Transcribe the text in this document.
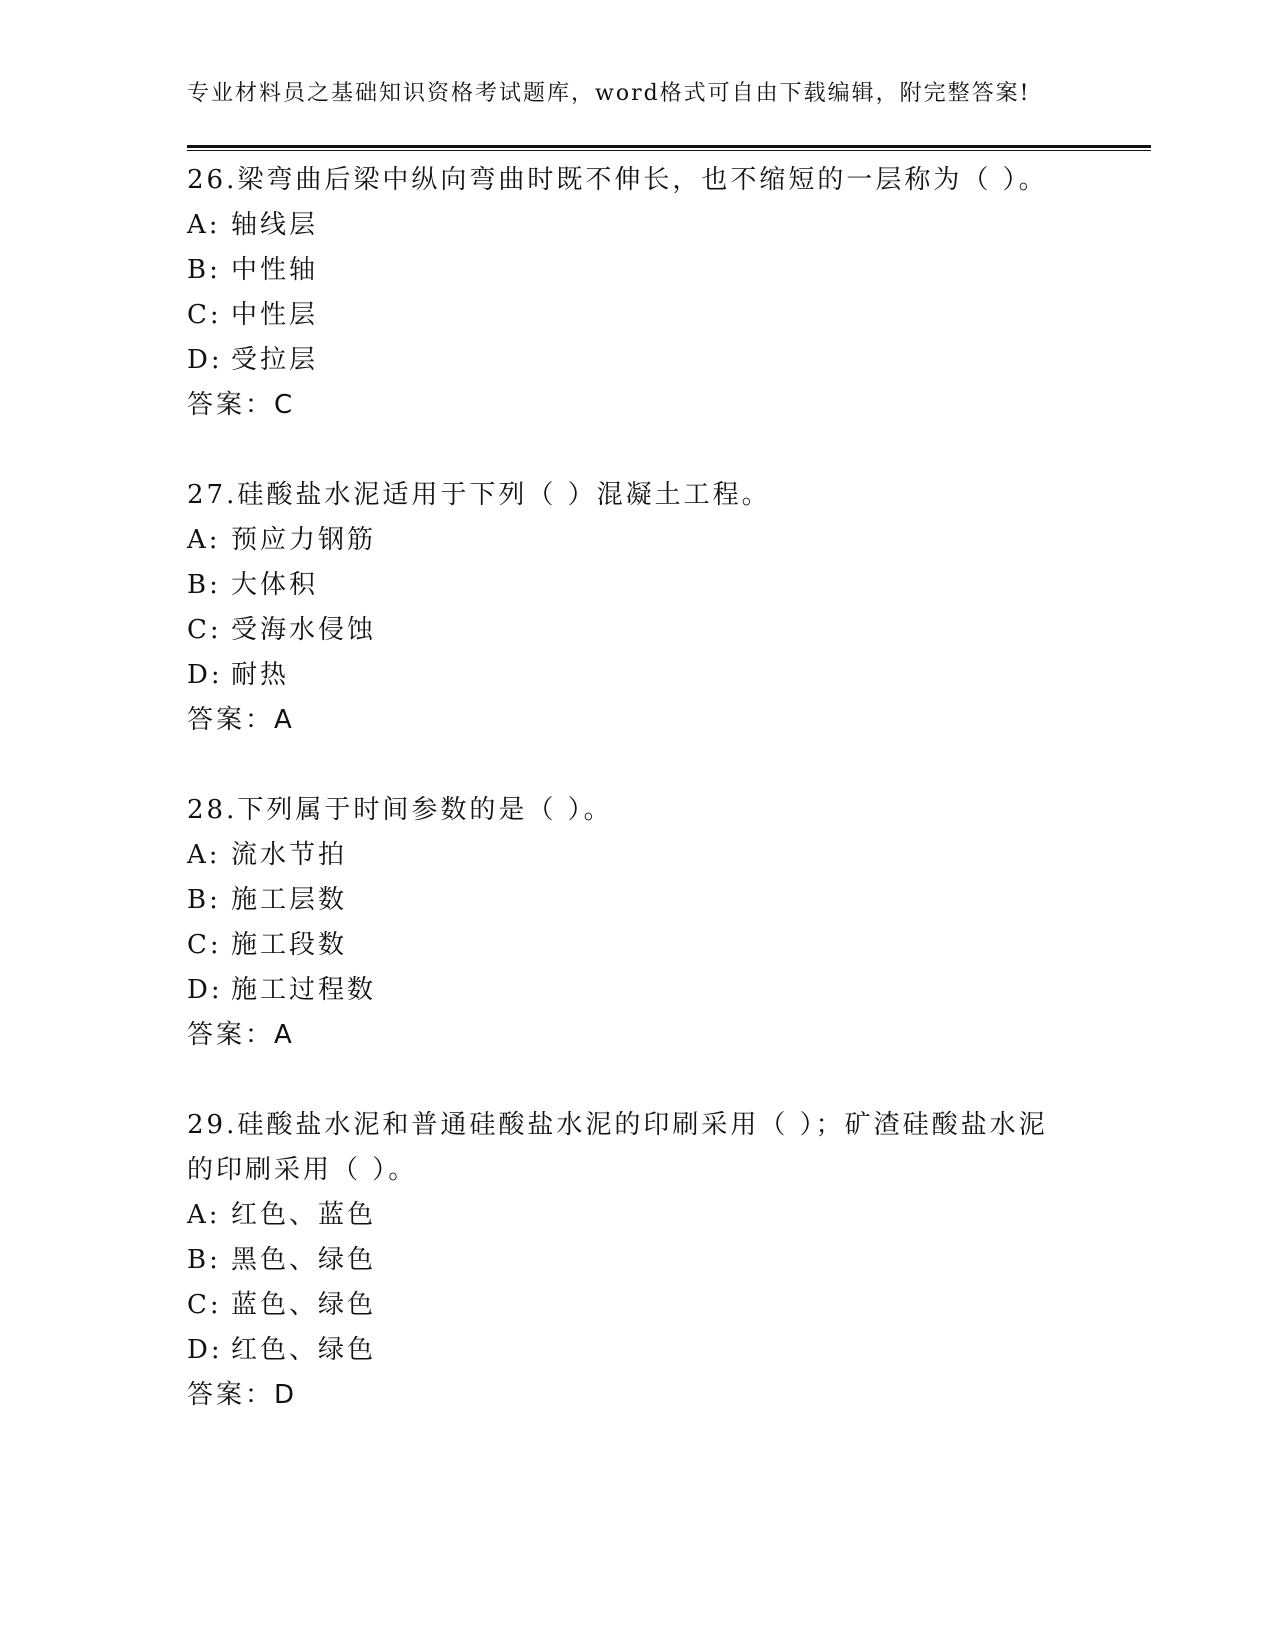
专业材料员之基础知识资格考试题库，word格式可自由下载编辑，附完整答案!

26.梁弯曲后梁中纵向弯曲时既不伸长，也不缩短的一层称为（ ）。

A: 轴线层

B: 中性轴

C: 中性层

D: 受拉层

答案：C

27.硅酸盐水泥适用于下列（ ）混凝土工程。

A: 预应力钢筋

B: 大体积

C: 受海水侵蚀

D: 耐热

答案：A

28.下列属于时间参数的是（ ）。

A: 流水节拍

B: 施工层数

C: 施工段数

D: 施工过程数

答案：A

29.硅酸盐水泥和普通硅酸盐水泥的印刷采用（ ）；矿渣硅酸盐水泥

的印刷采用（ ）。

A: 红色、蓝色

B: 黑色、绿色

C: 蓝色、绿色

D: 红色、绿色

答案：D
